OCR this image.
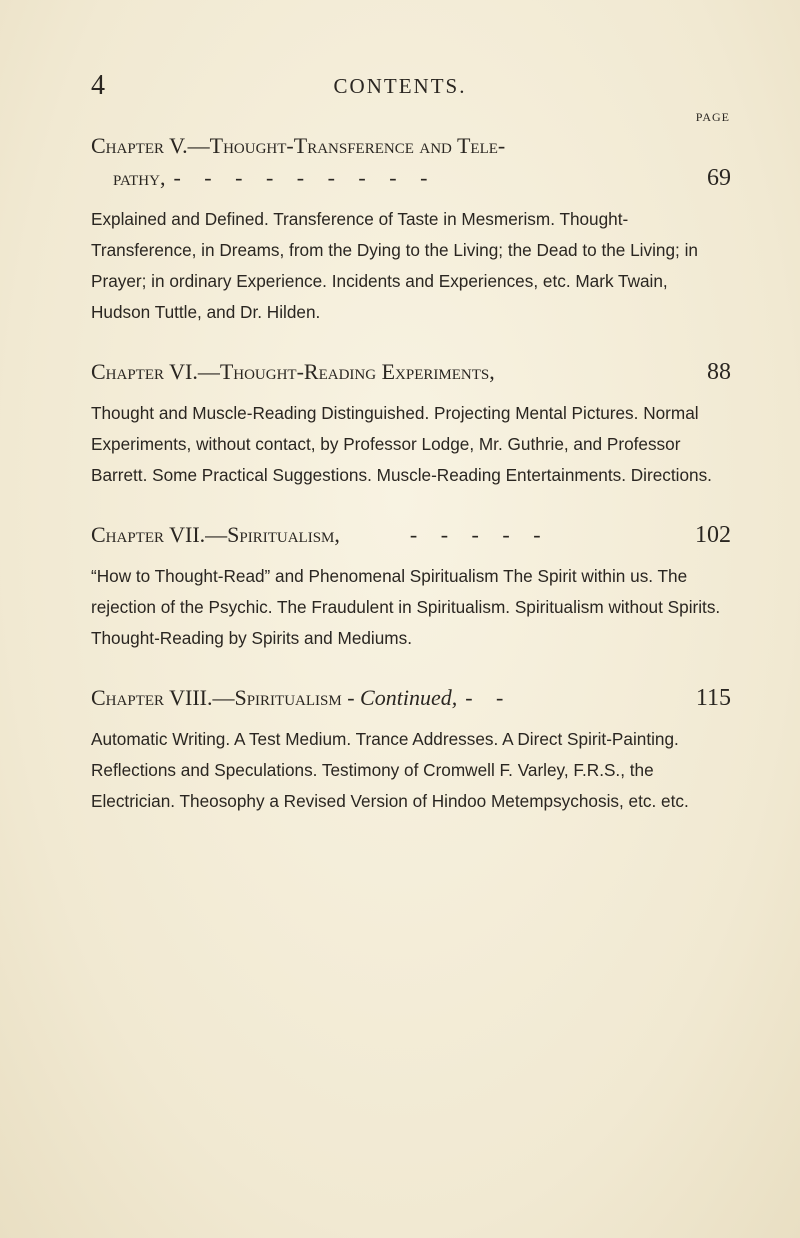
4	CONTENTS.
PAGE
Chapter V.—Thought-Transference and Tele-
pathy, - - - - - - - - -	69

Explained and Defined. Transference of Taste in Mesmerism. Thought-Transference, in Dreams, from the Dying to the Living; the Dead to the Living; in Prayer; in ordinary Experience. Incidents and Experiences, etc. Mark Twain, Hudson Tuttle, and Dr. Hilden.

Chapter VI.—Thought-Reading Experiments,	88

Thought and Muscle-Reading Distinguished. Projecting Mental Pictures. Normal Experiments, without contact, by Professor Lodge, Mr. Guthrie, and Professor Barrett. Some Practical Suggestions. Muscle-Reading Entertainments. Directions.

Chapter VII.—Spiritualism,	- - - - -	102

“How to Thought-Read” and Phenomenal Spiritualism The Spirit within us. The rejection of the Psychic. The Fraudulent in Spiritualism. Spiritualism without Spirits. Thought-Reading by Spirits and Mediums.

Chapter VIII.—Spiritualism - Continued, - -	115

Automatic Writing. A Test Medium. Trance Addresses. A Direct Spirit-Painting. Reflections and Speculations. Testimony of Cromwell F. Varley, F.R.S., the Electrician. Theosophy a Revised Version of Hindoo Metempsychosis, etc. etc.
